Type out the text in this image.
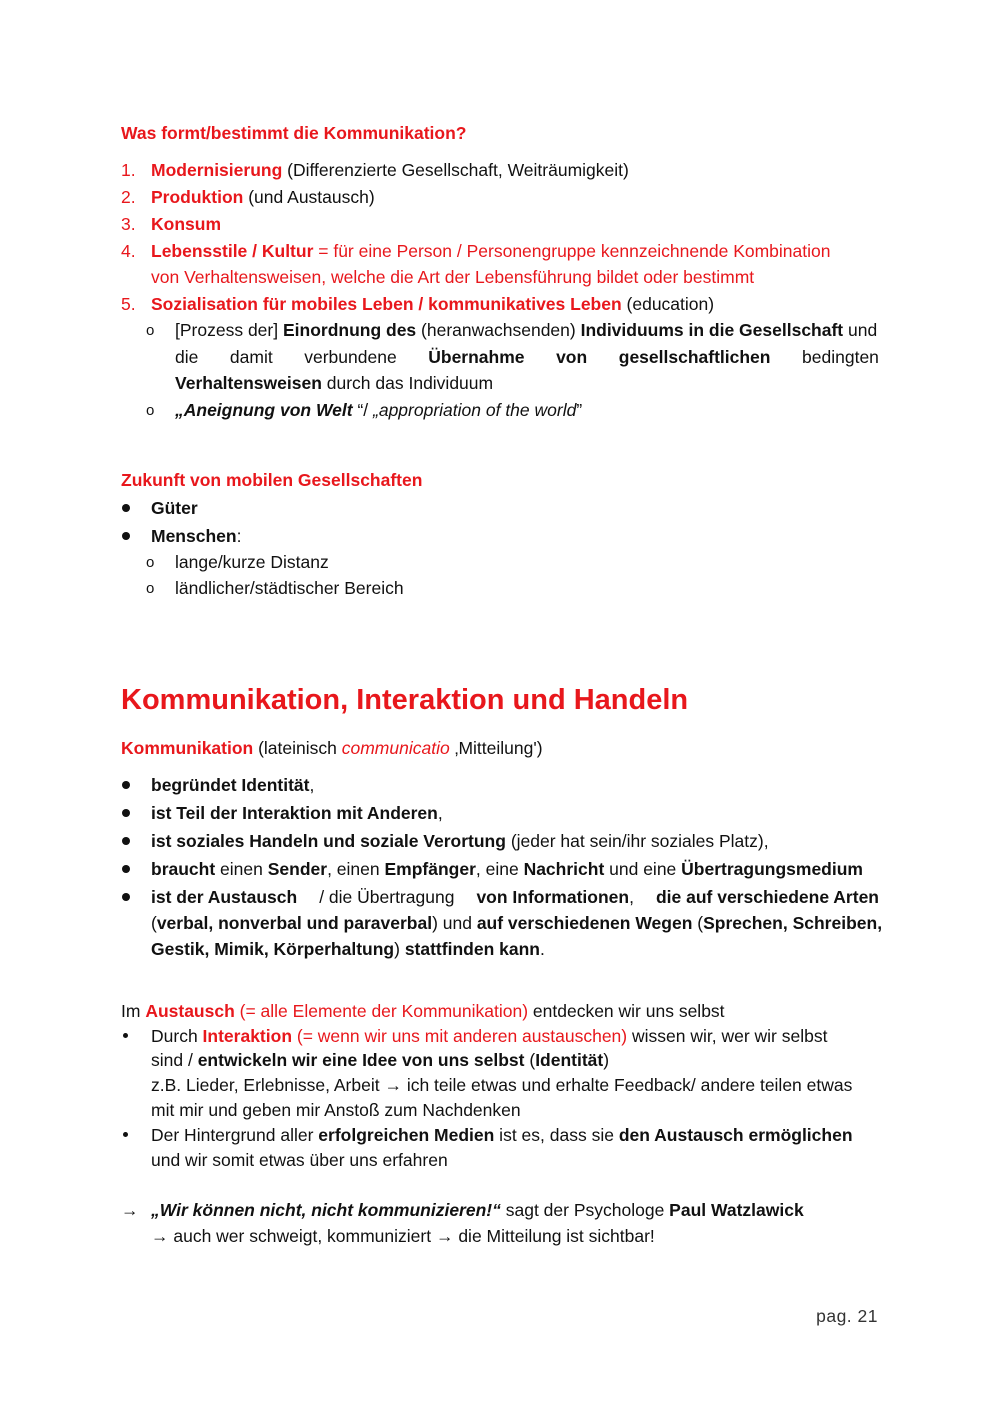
Was formt/bestimmt die Kommunikation?
1. Modernisierung (Differenzierte Gesellschaft, Weiträumigkeit)
2. Produktion (und Austausch)
3. Konsum
4. Lebensstile / Kultur = für eine Person / Personengruppe kennzeichnende Kombination
von Verhaltensweisen, welche die Art der Lebensführung bildet oder bestimmt
5. Sozialisation für mobiles Leben / kommunikatives Leben (education)
o [Prozess der] Einordnung des (heranwachsenden) Individuums in die Gesellschaft und
die damit verbundene Übernahme von gesellschaftlichen bedingten
Verhaltensweisen durch das Individuum
o „Aneignung von Welt “/ „appropriation of the world”
Zukunft von mobilen Gesellschaften
Güter
Menschen:
o lange/kurze Distanz
o ländlicher/städtischer Bereich
Kommunikation, Interaktion und Handeln
Kommunikation (lateinisch communicatio ‚Mitteilung')
begründet Identität,
ist Teil der Interaktion mit Anderen,
ist soziales Handeln und soziale Verortung (jeder hat sein/ihr soziales Platz),
braucht einen Sender, einen Empfänger, eine Nachricht und eine Übertragungsmedium
ist der Austausch / die Übertragung von Informationen, die auf verschiedene Arten
(verbal, nonverbal und paraverbal) und auf verschiedenen Wegen (Sprechen, Schreiben,
Gestik, Mimik, Körperhaltung) stattfinden kann.
Im Austausch (= alle Elemente der Kommunikation) entdecken wir uns selbst
Durch Interaktion (= wenn wir uns mit anderen austauschen) wissen wir, wer wir selbst
sind / entwickeln wir eine Idee von uns selbst (Identität)
z.B. Lieder, Erlebnisse, Arbeit → ich teile etwas und erhalte Feedback/ andere teilen etwas
mit mir und geben mir Anstoß zum Nachdenken
Der Hintergrund aller erfolgreichen Medien ist es, dass sie den Austausch ermöglichen
und wir somit etwas über uns erfahren
→ „Wir können nicht, nicht kommunizieren!“ sagt der Psychologe Paul Watzlawick
→ auch wer schweigt, kommuniziert → die Mitteilung ist sichtbar!
pag. 21
